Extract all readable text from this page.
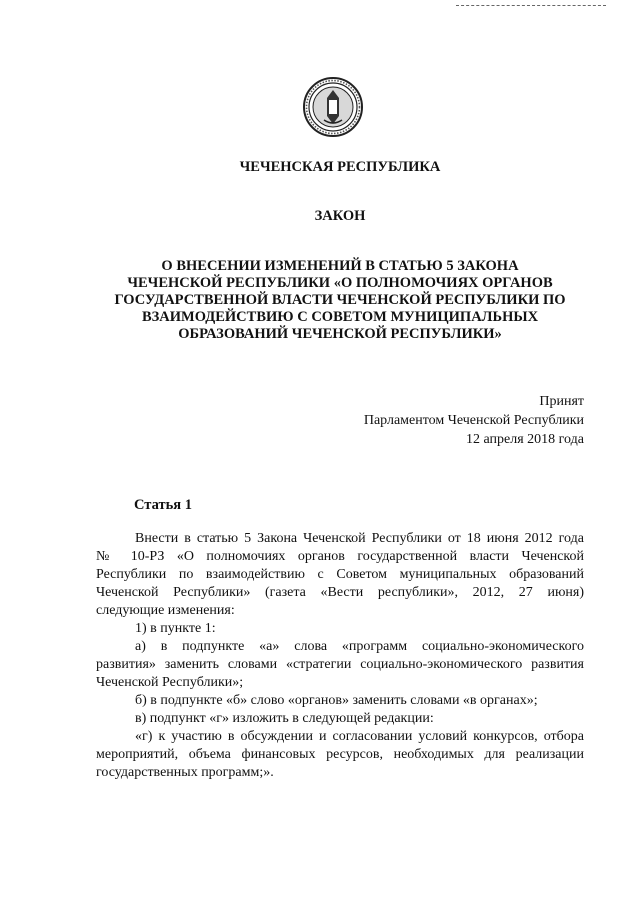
ЧЕЧЕНСКАЯ РЕСПУБЛИКА
ЗАКОН
О ВНЕСЕНИИ ИЗМЕНЕНИЙ В СТАТЬЮ 5 ЗАКОНА
ЧЕЧЕНСКОЙ РЕСПУБЛИКИ «О ПОЛНОМОЧИЯХ ОРГАНОВ
ГОСУДАРСТВЕННОЙ ВЛАСТИ ЧЕЧЕНСКОЙ РЕСПУБЛИКИ ПО
ВЗАИМОДЕЙСТВИЮ С СОВЕТОМ МУНИЦИПАЛЬНЫХ
ОБРАЗОВАНИЙ ЧЕЧЕНСКОЙ РЕСПУБЛИКИ»
Принят
Парламентом Чеченской Республики
12 апреля 2018 года
Статья 1

Внести в статью 5 Закона Чеченской Республики от 18 июня 2012 года

№ 10-РЗ «О полномочиях органов государственной власти Чеченской

Республики по взаимодействию с Советом муниципальных образований

Чеченской Республики» (газета «Вести республики», 2012, 27 июня)

следующие изменения:

1) в пункте 1:

а) в подпункте «а» слова «программ социально-экономического

развития» заменить словами «стратегии социально-экономического развития

Чеченской Республики»;

б) в подпункте «б» слово «органов» заменить словами «в органах»;

в) подпункт «г» изложить в следующей редакции:

«г) к участию в обсуждении и согласовании условий конкурсов, отбора

мероприятий, объема финансовых ресурсов, необходимых для реализации

государственных программ;».
